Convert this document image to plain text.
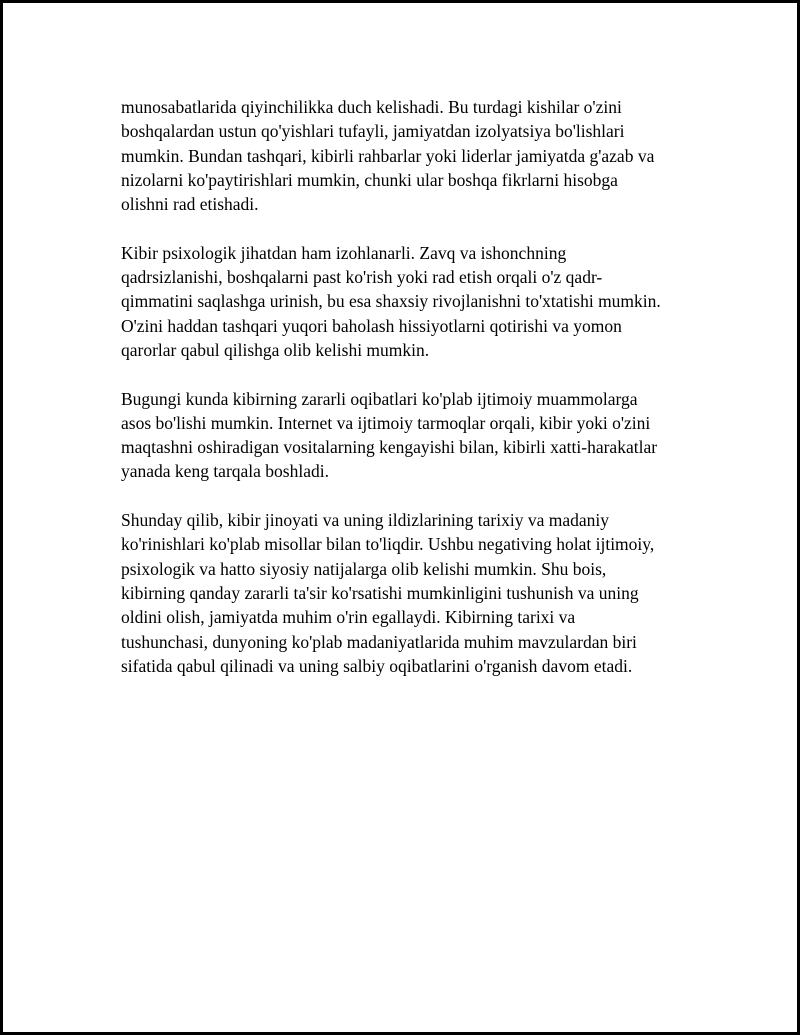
munosabatlarida qiyinchilikka duch kelishadi. Bu turdagi kishilar o'zini
boshqalardan ustun qo'yishlari tufayli, jamiyatdan izolyatsiya bo'lishlari
mumkin. Bundan tashqari, kibirli rahbarlar yoki liderlar jamiyatda g'azab va
nizolarni ko'paytirishlari mumkin, chunki ular boshqa fikrlarni hisobga
olishni rad etishadi.

Kibir psixologik jihatdan ham izohlanarli. Zavq va ishonchning
qadrsizlanishi, boshqalarni past ko'rish yoki rad etish orqali o'z qadr-
qimmatini saqlashga urinish, bu esa shaxsiy rivojlanishni to'xtatishi mumkin.
O'zini haddan tashqari yuqori baholash hissiyotlarni qotirishi va yomon
qarorlar qabul qilishga olib kelishi mumkin.

Bugungi kunda kibirning zararli oqibatlari ko'plab ijtimoiy muammolarga
asos bo'lishi mumkin. Internet va ijtimoiy tarmoqlar orqali, kibir yoki o'zini
maqtashni oshiradigan vositalarning kengayishi bilan, kibirli xatti-harakatlar
yanada keng tarqala boshladi.

Shunday qilib, kibir jinoyati va uning ildizlarining tarixiy va madaniy
ko'rinishlari ko'plab misollar bilan to'liqdir. Ushbu negativing holat ijtimoiy,
psixologik va hatto siyosiy natijalarga olib kelishi mumkin. Shu bois,
kibirning qanday zararli ta'sir ko'rsatishi mumkinligini tushunish va uning
oldini olish, jamiyatda muhim o'rin egallaydi. Kibirning tarixi va
tushunchasi, dunyoning ko'plab madaniyatlarida muhim mavzulardan biri
sifatida qabul qilinadi va uning salbiy oqibatlarini o'rganish davom etadi.
